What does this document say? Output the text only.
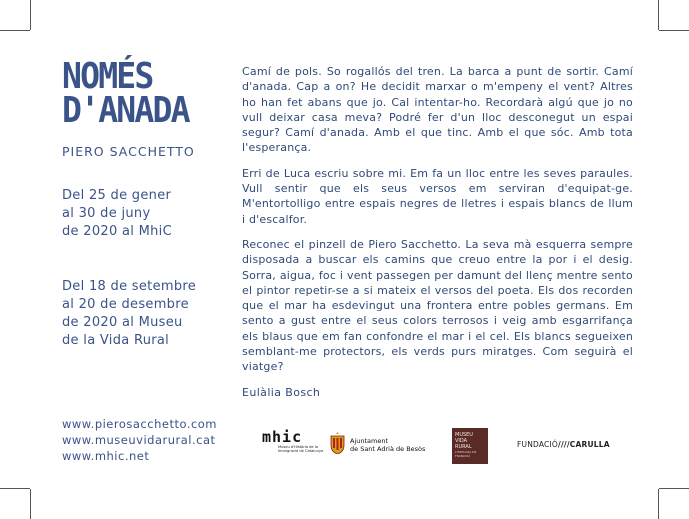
NOMÉS
D'ANADA
PIERO SACCHETTO
Del 25 de gener
al 30 de juny
de 2020 al MhiC
Del 18 de setembre
al 20 de desembre
de 2020 al Museu
de la Vida Rural
www.pierosacchetto.com
www.museuvidarural.cat
www.mhic.net

Camí de pols. So rogallós del tren. La barca a punt de sortir. Camí d'anada. Cap a on? He decidit marxar o m'empeny el vent? Altres ho han fet abans que jo. Cal intentar-ho. Recordarà algú que jo no vull deixar casa meva? Podré fer d'un lloc desconegut un espai segur? Camí d'anada. Amb el que tinc. Amb el que sóc. Amb tota l'esperança.

Erri de Luca escriu sobre mi. Em fa un lloc entre les seves paraules. Vull sentir que els seus versos em serviran d'equipat-ge. M'entortolligo entre espais negres de lletres i espais blancs de llum i d'escalfor.

Reconec el pinzell de Piero Sacchetto. La seva mà esquerra sempre disposada a buscar els camins que creuo entre la por i el desig. Sorra, aigua, foc i vent passegen per damunt del llenç mentre sento el pintor repetir-se a si mateix el versos del poeta. Els dos recorden que el mar ha esdevingut una frontera entre pobles germans. Em sento a gust entre el seus colors terrosos i veig amb esgarrifança els blaus que em fan confondre el mar i el cel. Els blancs segueixen semblant-me protectors, els verds purs miratges. Com seguirà el viatge?

Eulàlia Bosch
mhic
Museu d'Història de la Immigració de Catalunya
Ajuntament
de Sant Adrià de Besòs
MUSEU
VIDA RURAL
L'ESPLUGA DE FRANCOLÍ
FUNDACIÓ////CARULLA
